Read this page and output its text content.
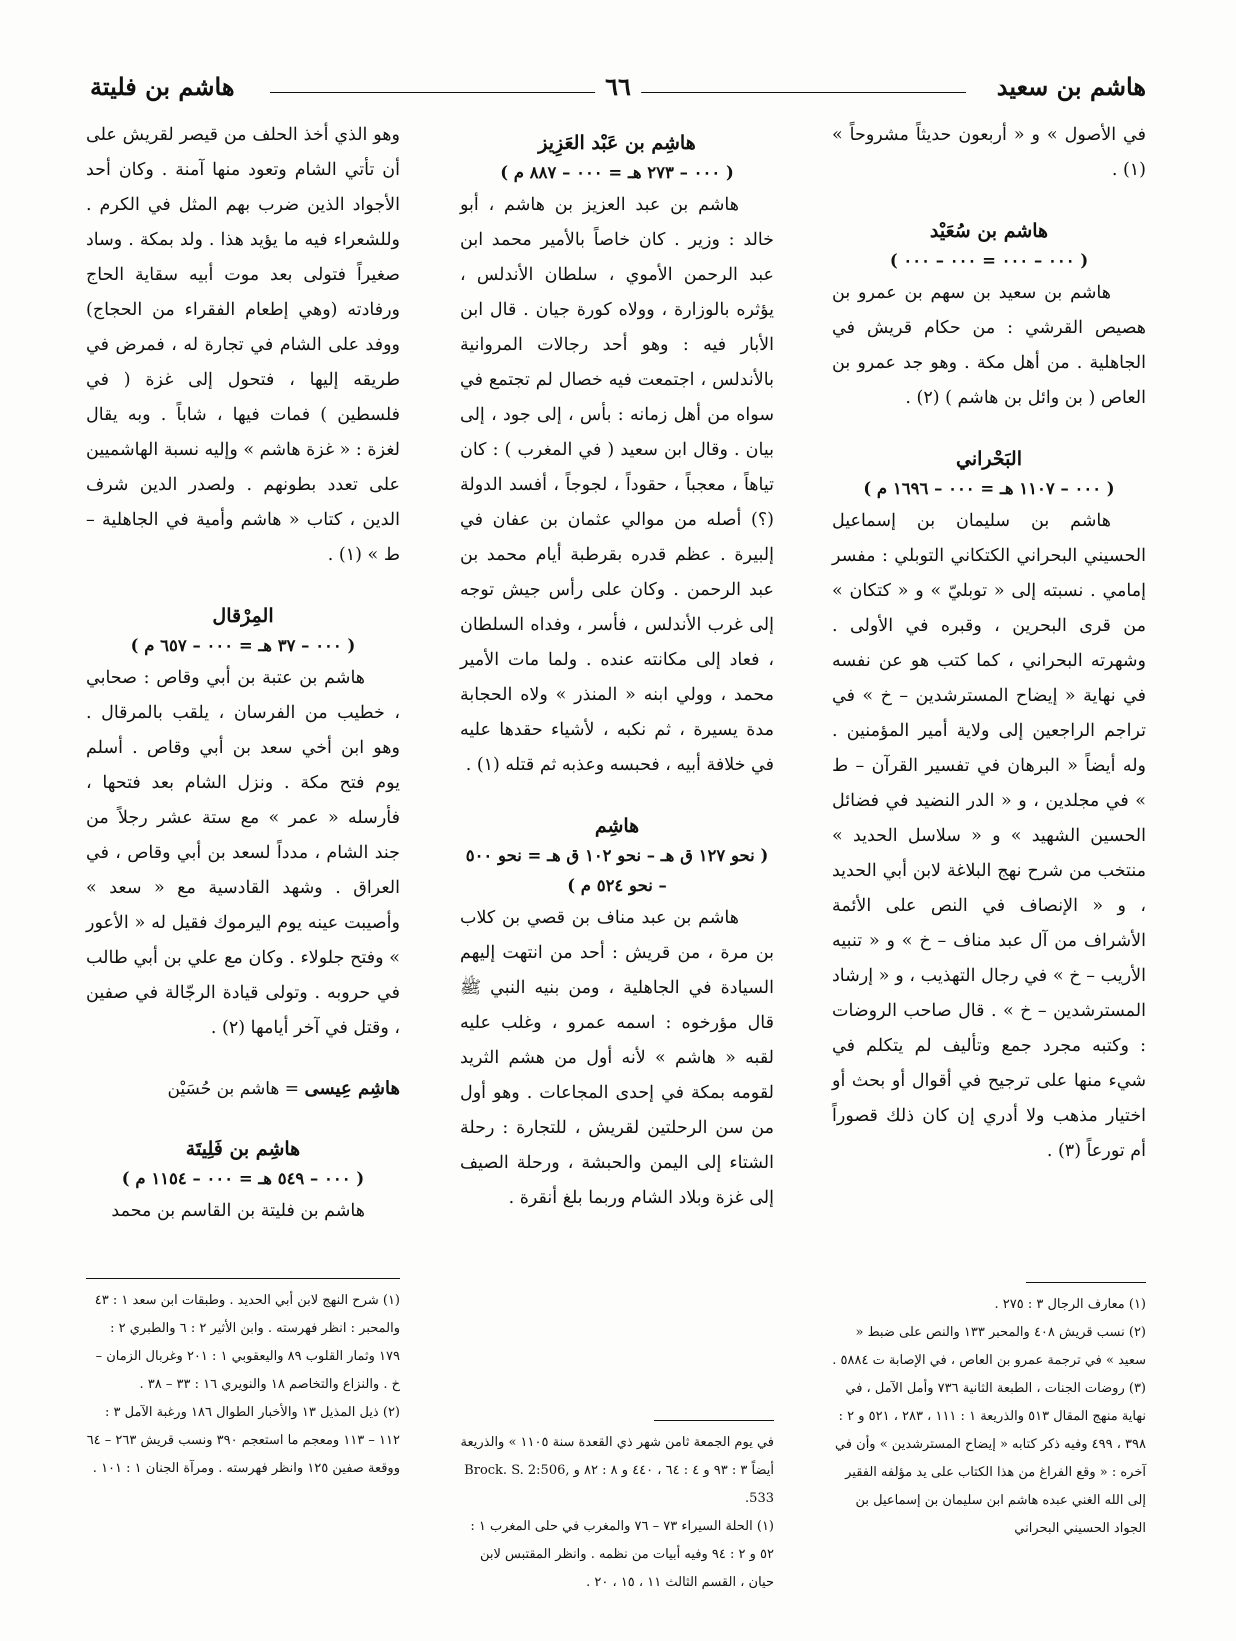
هاشم بن سعيد
٦٦
هاشم بن فليتة

في الأصول » و « أربعون حديثاً مشروحاً » (١) .

هاشم بن سُعَيْد
( ٠٠٠ – ٠٠٠ = ٠٠٠ – ٠٠٠ )

هاشم بن سعيد بن سهم بن عمرو بن هصيص القرشي : من حكام قريش في الجاهلية . من أهل مكة . وهو جد عمرو بن العاص ( بن وائل بن هاشم ) (٢) .

البَحْراني
( ٠٠٠ – ١١٠٧ هـ = ٠٠٠ – ١٦٩٦ م )

هاشم بن سليمان بن إسماعيل الحسيني البحراني الكتكاني التوبلي : مفسر إمامي . نسبته إلى « توبليّ » و « كتكان » من قرى البحرين ، وقبره في الأولى . وشهرته البحراني ، كما كتب هو عن نفسه في نهاية « إيضاح المسترشدين – خ » في تراجم الراجعين إلى ولاية أمير المؤمنين . وله أيضاً « البرهان في تفسير القرآن – ط » في مجلدين ، و « الدر النضيد في فضائل الحسين الشهيد » و « سلاسل الحديد » منتخب من شرح نهج البلاغة لابن أبي الحديد ، و « الإنصاف في النص على الأئمة الأشراف من آل عبد مناف – خ » و « تنبيه الأريب – خ » في رجال التهذيب ، و « إرشاد المسترشدين – خ » . قال صاحب الروضات : وكتبه مجرد جمع وتأليف لم يتكلم في شيء منها على ترجيح في أقوال أو بحث أو اختيار مذهب ولا أدري إن كان ذلك قصوراً أم تورعاً (٣) .

(١) معارف الرجال ٣ : ٢٧٥ .

(٢) نسب قريش ٤٠٨ والمحبر ١٣٣ والنص على ضبط « سعيد » في ترجمة عمرو بن العاص ، في الإصابة ت ٥٨٨٤ .

(٣) روضات الجنات ، الطبعة الثانية ٧٣٦ وأمل الآمل ، في نهاية منهج المقال ٥١٣ والذريعة ١ : ١١١ ، ٢٨٣ ، ٥٢١ و ٢ : ٣٩٨ ، ٤٩٩ وفيه ذكر كتابه « إيضاح المسترشدين » وأن في آخره : « وقع الفراغ من هذا الكتاب على يد مؤلفه الفقير إلى الله الغني عبده هاشم ابن سليمان بن إسماعيل بن الجواد الحسيني البحراني

هاشِم بن عَبْد العَزِيز
( ٠٠٠ – ٢٧٣ هـ = ٠٠٠ – ٨٨٧ م )

هاشم بن عبد العزيز بن هاشم ، أبو خالد : وزير . كان خاصاً بالأمير محمد ابن عبد الرحمن الأموي ، سلطان الأندلس ، يؤثره بالوزارة ، وولاه كورة جيان . قال ابن الأبار فيه : وهو أحد رجالات المروانية بالأندلس ، اجتمعت فيه خصال لم تجتمع في سواه من أهل زمانه : بأس ، إلى جود ، إلى بيان . وقال ابن سعيد ( في المغرب ) : كان تياهاً ، معجباً ، حقوداً ، لجوجاً ، أفسد الدولة (؟) أصله من موالي عثمان بن عفان في إلبيرة . عظم قدره بقرطبة أيام محمد بن عبد الرحمن . وكان على رأس جيش توجه إلى غرب الأندلس ، فأسر ، وفداه السلطان ، فعاد إلى مكانته عنده . ولما مات الأمير محمد ، وولي ابنه « المنذر » ولاه الحجابة مدة يسيرة ، ثم نكبه ، لأشياء حقدها عليه في خلافة أبيه ، فحبسه وعذبه ثم قتله (١) .

هاشِم
( نحو ١٢٧ ق هـ – نحو ١٠٢ ق هـ = نحو ٥٠٠ – نحو ٥٢٤ م )

هاشم بن عبد مناف بن قصي بن كلاب بن مرة ، من قريش : أحد من انتهت إليهم السيادة في الجاهلية ، ومن بنيه النبي ﷺ قال مؤرخوه : اسمه عمرو ، وغلب عليه لقبه « هاشم » لأنه أول من هشم الثريد لقومه بمكة في إحدى المجاعات . وهو أول من سن الرحلتين لقريش ، للتجارة : رحلة الشتاء إلى اليمن والحبشة ، ورحلة الصيف إلى غزة وبلاد الشام وربما بلغ أنقرة .

في يوم الجمعة ثامن شهر ذي القعدة سنة ١١٠٥ » والذريعة أيضاً ٣ : ٩٣ و ٤ : ٦٤ ، ٤٤٠ و ٨ : ٨٢ و Brock. S. 2:506, 533.

(١) الحلة السيراء ٧٣ – ٧٦ والمغرب في حلى المغرب ١ : ٥٢ و ٢ : ٩٤ وفيه أبيات من نظمه . وانظر المقتبس لابن حيان ، القسم الثالث ١١ ، ١٥ ، ٢٠ .

وهو الذي أخذ الحلف من قيصر لقريش على أن تأتي الشام وتعود منها آمنة . وكان أحد الأجواد الذين ضرب بهم المثل في الكرم . وللشعراء فيه ما يؤيد هذا . ولد بمكة . وساد صغيراً فتولى بعد موت أبيه سقاية الحاج ورفادته (وهي إطعام الفقراء من الحجاج) ووفد على الشام في تجارة له ، فمرض في طريقه إليها ، فتحول إلى غزة ( في فلسطين ) فمات فيها ، شاباً . وبه يقال لغزة : « غزة هاشم » وإليه نسبة الهاشميين على تعدد بطونهم . ولصدر الدين شرف الدين ، كتاب « هاشم وأمية في الجاهلية – ط » (١) .

المِرْقال
( ٠٠٠ – ٣٧ هـ = ٠٠٠ – ٦٥٧ م )

هاشم بن عتبة بن أبي وقاص : صحابي ، خطيب من الفرسان ، يلقب بالمرقال . وهو ابن أخي سعد بن أبي وقاص . أسلم يوم فتح مكة . ونزل الشام بعد فتحها ، فأرسله « عمر » مع ستة عشر رجلاً من جند الشام ، مدداً لسعد بن أبي وقاص ، في العراق . وشهد القادسية مع « سعد » وأصيبت عينه يوم اليرموك فقيل له « الأعور » وفتح جلولاء . وكان مع علي بن أبي طالب في حروبه . وتولى قيادة الرجّالة في صفين ، وقتل في آخر أيامها (٢) .

هاشِم عِيسى = هاشم بن حُسَيْن
هاشِم بن فَلِيتَة
( ٠٠٠ – ٥٤٩ هـ = ٠٠٠ – ١١٥٤ م )

هاشم بن فليتة بن القاسم بن محمد

(١) شرح النهج لابن أبي الحديد . وطبقات ابن سعد ١ : ٤٣ والمحبر : انظر فهرسته . وابن الأثير ٢ : ٦ والطبري ٢ : ١٧٩ وثمار القلوب ٨٩ واليعقوبي ١ : ٢٠١ وغربال الزمان – خ . والنزاع والتخاصم ١٨ والنويري ١٦ : ٣٣ – ٣٨ .

(٢) ذيل المذيل ١٣ والأخبار الطوال ١٨٦ ورغبة الآمل ٣ : ١١٢ – ١١٣ ومعجم ما استعجم ٣٩٠ ونسب قريش ٢٦٣ – ٦٤ ووقعة صفين ١٢٥ وانظر فهرسته . ومرآة الجنان ١ : ١٠١ .
